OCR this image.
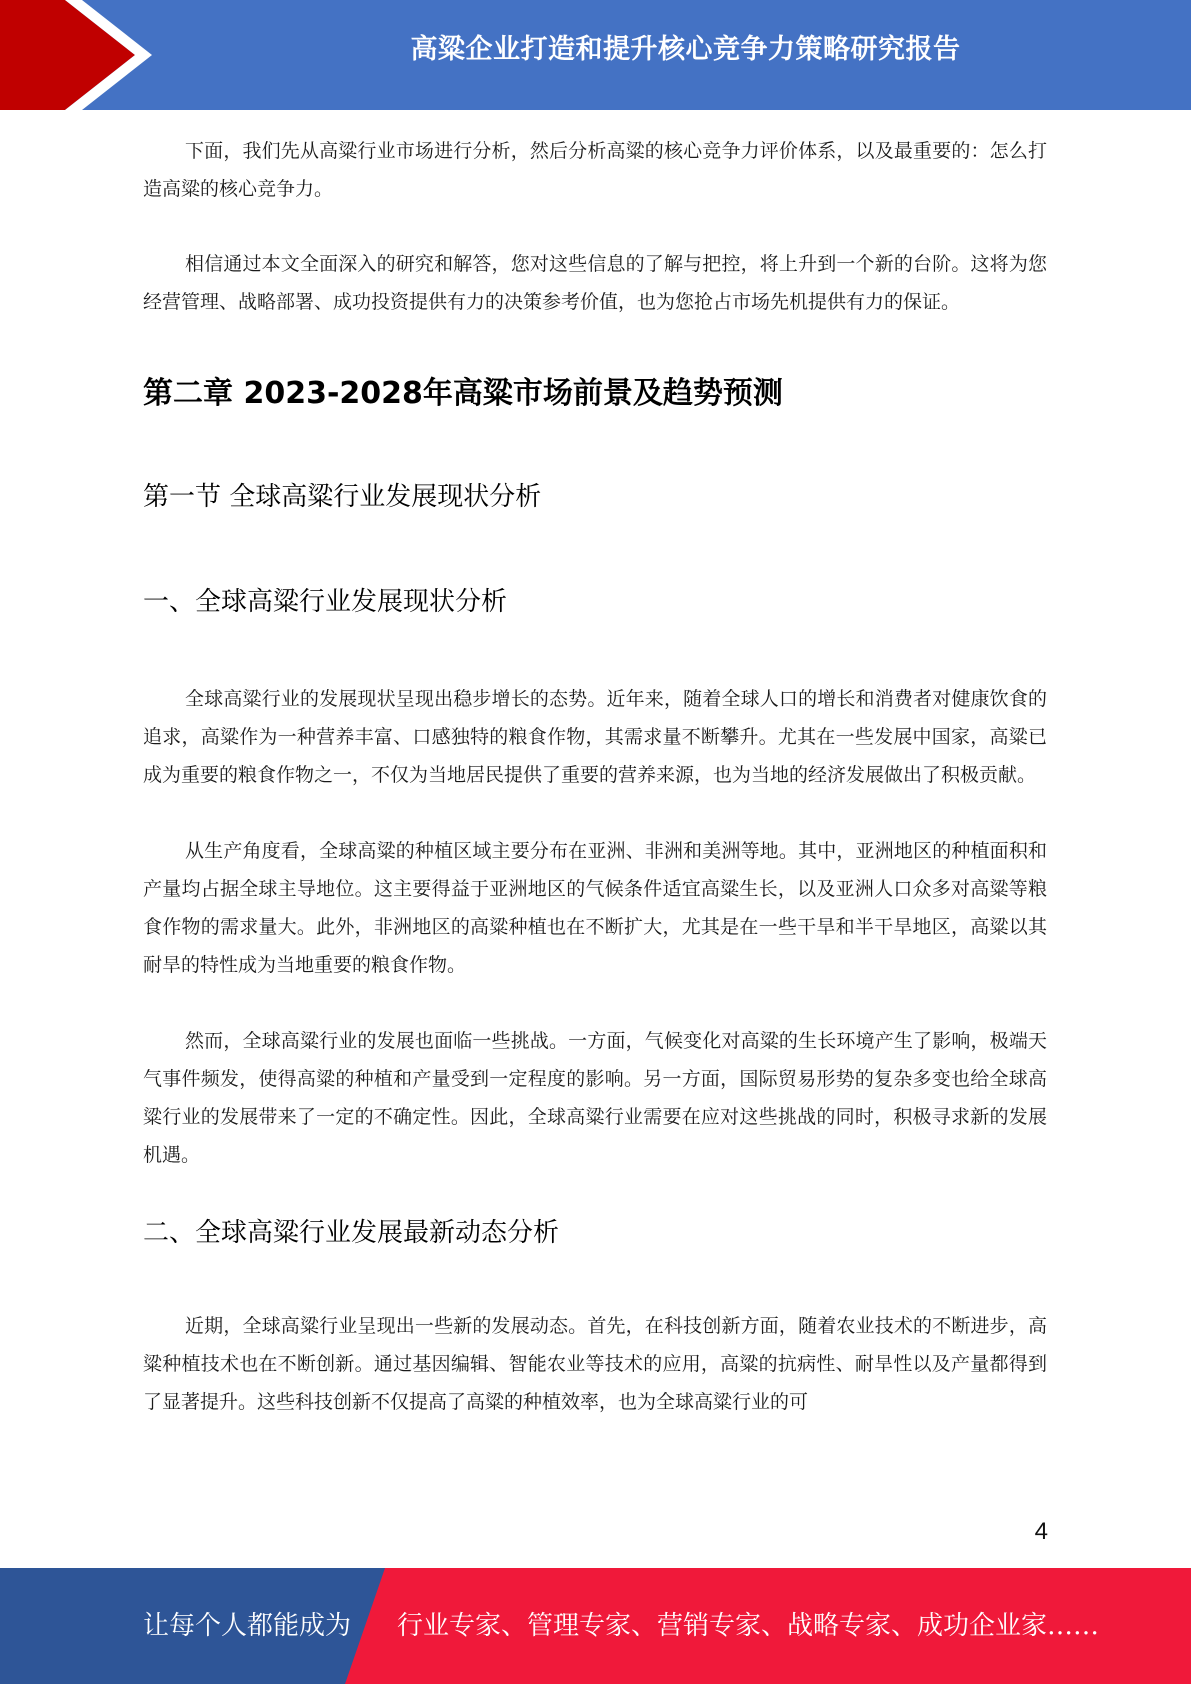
高粱企业打造和提升核心竞争力策略研究报告

下面，我们先从高粱行业市场进行分析，然后分析高粱的核心竞争力评价体系，以及最重要的：怎么打造高粱的核心竞争力。

相信通过本文全面深入的研究和解答，您对这些信息的了解与把控，将上升到一个新的台阶。这将为您经营管理、战略部署、成功投资提供有力的决策参考价值，也为您抢占市场先机提供有力的保证。

第二章 2023-2028年高粱市场前景及趋势预测
第一节 全球高粱行业发展现状分析
一、全球高粱行业发展现状分析

全球高粱行业的发展现状呈现出稳步增长的态势。近年来，随着全球人口的增长和消费者对健康饮食的追求，高粱作为一种营养丰富、口感独特的粮食作物，其需求量不断攀升。尤其在一些发展中国家，高粱已成为重要的粮食作物之一，不仅为当地居民提供了重要的营养来源，也为当地的经济发展做出了积极贡献。

从生产角度看，全球高粱的种植区域主要分布在亚洲、非洲和美洲等地。其中，亚洲地区的种植面积和产量均占据全球主导地位。这主要得益于亚洲地区的气候条件适宜高粱生长，以及亚洲人口众多对高粱等粮食作物的需求量大。此外，非洲地区的高粱种植也在不断扩大，尤其是在一些干旱和半干旱地区，高粱以其耐旱的特性成为当地重要的粮食作物。

然而，全球高粱行业的发展也面临一些挑战。一方面，气候变化对高粱的生长环境产生了影响，极端天气事件频发，使得高粱的种植和产量受到一定程度的影响。另一方面，国际贸易形势的复杂多变也给全球高粱行业的发展带来了一定的不确定性。因此，全球高粱行业需要在应对这些挑战的同时，积极寻求新的发展机遇。

二、全球高粱行业发展最新动态分析

近期，全球高粱行业呈现出一些新的发展动态。首先，在科技创新方面，随着农业技术的不断进步，高粱种植技术也在不断创新。通过基因编辑、智能农业等技术的应用，高粱的抗病性、耐旱性以及产量都得到了显著提升。这些科技创新不仅提高了高粱的种植效率，也为全球高粱行业的可

4
让每个人都能成为 行业专家、管理专家、营销专家、战略专家、成功企业家……
